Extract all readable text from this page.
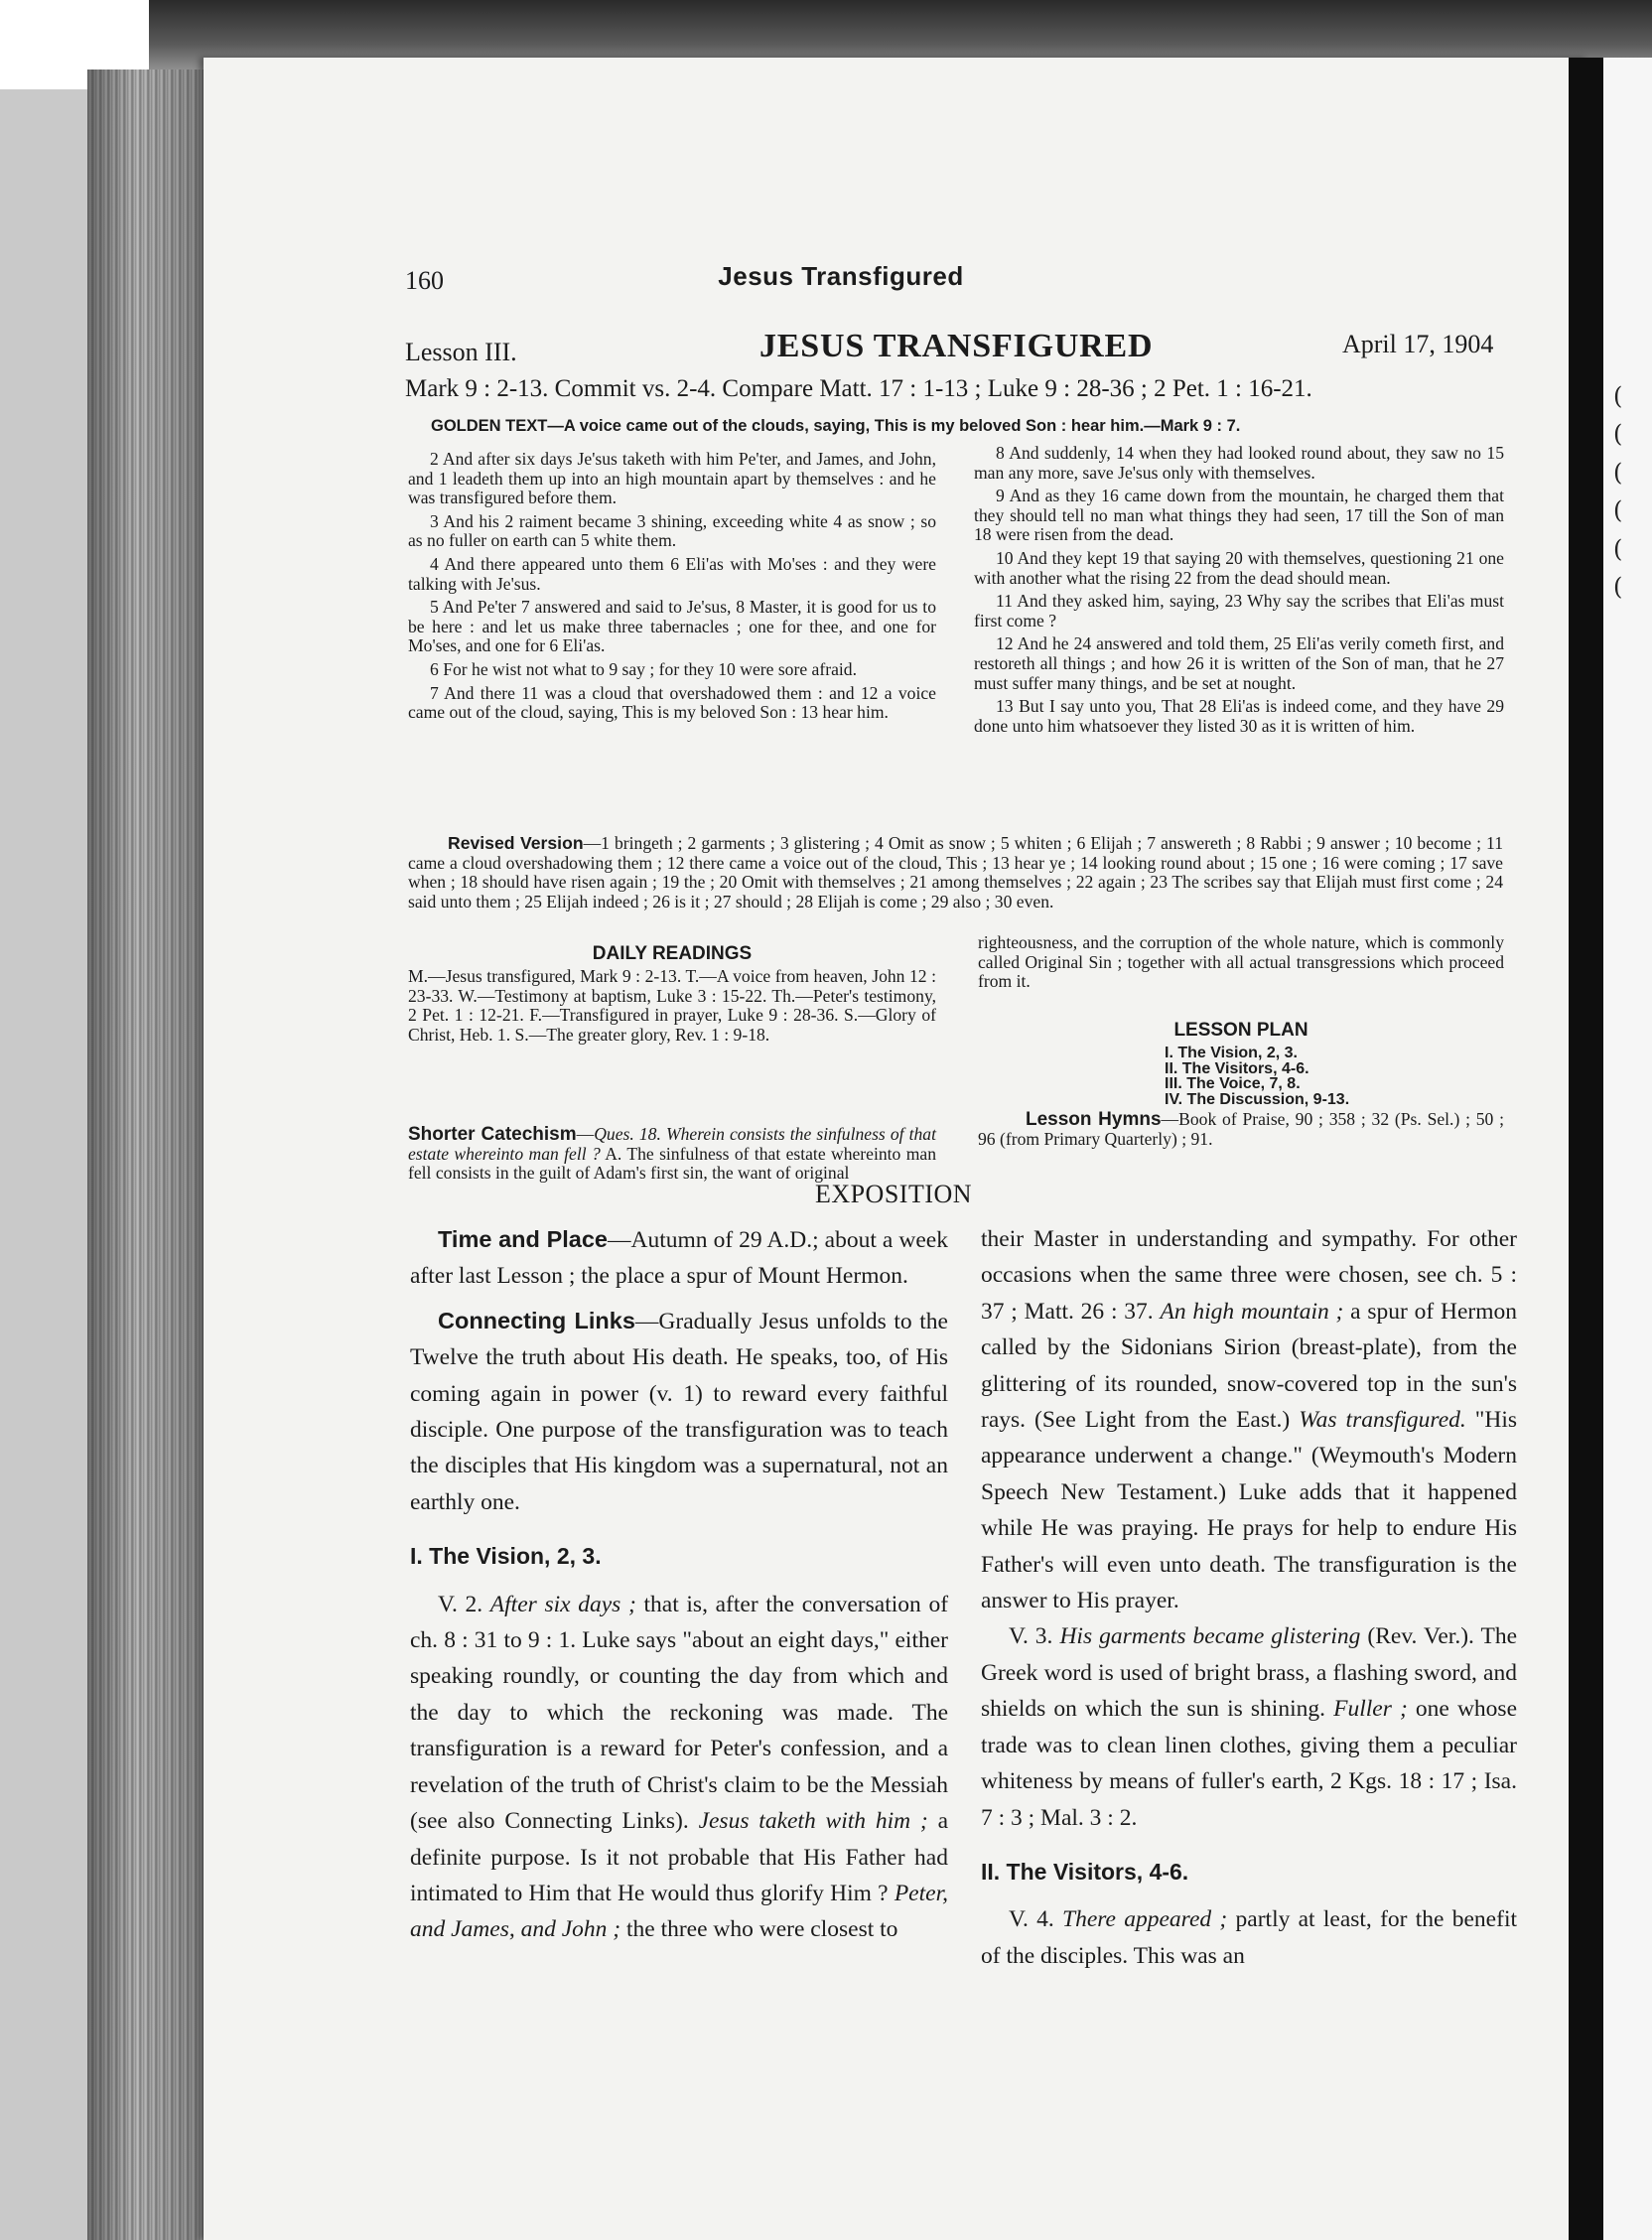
(
(
(
(
(
(
160	Jesus Transfigured
Lesson III.	JESUS TRANSFIGURED	April 17, 1904
Mark 9 : 2-13. Commit vs. 2-4. Compare Matt. 17 : 1-13 ; Luke 9 : 28-36 ; 2 Pet. 1 : 16-21.
GOLDEN TEXT—A voice came out of the clouds, saying, This is my beloved Son : hear him.—Mark 9 : 7.

2 And after six days Je'sus taketh with him Pe'ter, and James, and John, and 1 leadeth them up into an high mountain apart by themselves : and he was transfigured before them.

3 And his 2 raiment became 3 shining, exceeding white 4 as snow ; so as no fuller on earth can 5 white them.

4 And there appeared unto them 6 Eli'as with Mo'ses : and they were talking with Je'sus.

5 And Pe'ter 7 answered and said to Je'sus, 8 Master, it is good for us to be here : and let us make three tabernacles ; one for thee, and one for Mo'ses, and one for 6 Eli'as.

6 For he wist not what to 9 say ; for they 10 were sore afraid.

7 And there 11 was a cloud that overshadowed them : and 12 a voice came out of the cloud, saying, This is my beloved Son : 13 hear him.

8 And suddenly, 14 when they had looked round about, they saw no 15 man any more, save Je'sus only with themselves.

9 And as they 16 came down from the mountain, he charged them that they should tell no man what things they had seen, 17 till the Son of man 18 were risen from the dead.

10 And they kept 19 that saying 20 with themselves, questioning 21 one with another what the rising 22 from the dead should mean.

11 And they asked him, saying, 23 Why say the scribes that Eli'as must first come ?

12 And he 24 answered and told them, 25 Eli'as verily cometh first, and restoreth all things ; and how 26 it is written of the Son of man, that he 27 must suffer many things, and be set at nought.

13 But I say unto you, That 28 Eli'as is indeed come, and they have 29 done unto him whatsoever they listed 30 as it is written of him.

Revised Version—1 bringeth ; 2 garments ; 3 glistering ; 4 Omit as snow ; 5 whiten ; 6 Elijah ; 7 answereth ; 8 Rabbi ; 9 answer ; 10 become ; 11 came a cloud overshadowing them ; 12 there came a voice out of the cloud, This ; 13 hear ye ; 14 looking round about ; 15 one ; 16 were coming ; 17 save when ; 18 should have risen again ; 19 the ; 20 Omit with themselves ; 21 among themselves ; 22 again ; 23 The scribes say that Elijah must first come ; 24 said unto them ; 25 Elijah indeed ; 26 is it ; 27 should ; 28 Elijah is come ; 29 also ; 30 even.
DAILY READINGS
M.—Jesus transfigured, Mark 9 : 2-13. T.—A voice from heaven, John 12 : 23-33. W.—Testimony at baptism, Luke 3 : 15-22. Th.—Peter's testimony, 2 Pet. 1 : 12-21. F.—Transfigured in prayer, Luke 9 : 28-36. S.—Glory of Christ, Heb. 1. S.—The greater glory, Rev. 1 : 9-18.
Shorter Catechism—Ques. 18. Wherein consists the sinfulness of that estate whereinto man fell ? A. The sinfulness of that estate whereinto man fell consists in the guilt of Adam's first sin, the want of original
righteousness, and the corruption of the whole nature, which is commonly called Original Sin ; together with all actual transgressions which proceed from it.
LESSON PLAN
I. The Vision, 2, 3.
II. The Visitors, 4-6.
III. The Voice, 7, 8.
IV. The Discussion, 9-13.
Lesson Hymns—Book of Praise, 90 ; 358 ; 32 (Ps. Sel.) ; 50 ; 96 (from Primary Quarterly) ; 91.
EXPOSITION

Time and Place—Autumn of 29 A.D.; about a week after last Lesson ; the place a spur of Mount Hermon.

Connecting Links—Gradually Jesus unfolds to the Twelve the truth about His death. He speaks, too, of His coming again in power (v. 1) to reward every faithful disciple. One purpose of the transfiguration was to teach the disciples that His kingdom was a supernatural, not an earthly one.

I. The Vision, 2, 3.

V. 2. After six days ; that is, after the conversation of ch. 8 : 31 to 9 : 1. Luke says "about an eight days," either speaking roundly, or counting the day from which and the day to which the reckoning was made. The transfiguration is a reward for Peter's confession, and a revelation of the truth of Christ's claim to be the Messiah (see also Connecting Links). Jesus taketh with him ; a definite purpose. Is it not probable that His Father had intimated to Him that He would thus glorify Him ? Peter, and James, and John ; the three who were closest to

their Master in understanding and sympathy. For other occasions when the same three were chosen, see ch. 5 : 37 ; Matt. 26 : 37. An high mountain ; a spur of Hermon called by the Sidonians Sirion (breast-plate), from the glittering of its rounded, snow-covered top in the sun's rays. (See Light from the East.) Was transfigured. "His appearance underwent a change." (Weymouth's Modern Speech New Testament.) Luke adds that it happened while He was praying. He prays for help to endure His Father's will even unto death. The transfiguration is the answer to His prayer.

V. 3. His garments became glistering (Rev. Ver.). The Greek word is used of bright brass, a flashing sword, and shields on which the sun is shining. Fuller ; one whose trade was to clean linen clothes, giving them a peculiar whiteness by means of fuller's earth, 2 Kgs. 18 : 17 ; Isa. 7 : 3 ; Mal. 3 : 2.

II. The Visitors, 4-6.

V. 4. There appeared ; partly at least, for the benefit of the disciples. This was an
